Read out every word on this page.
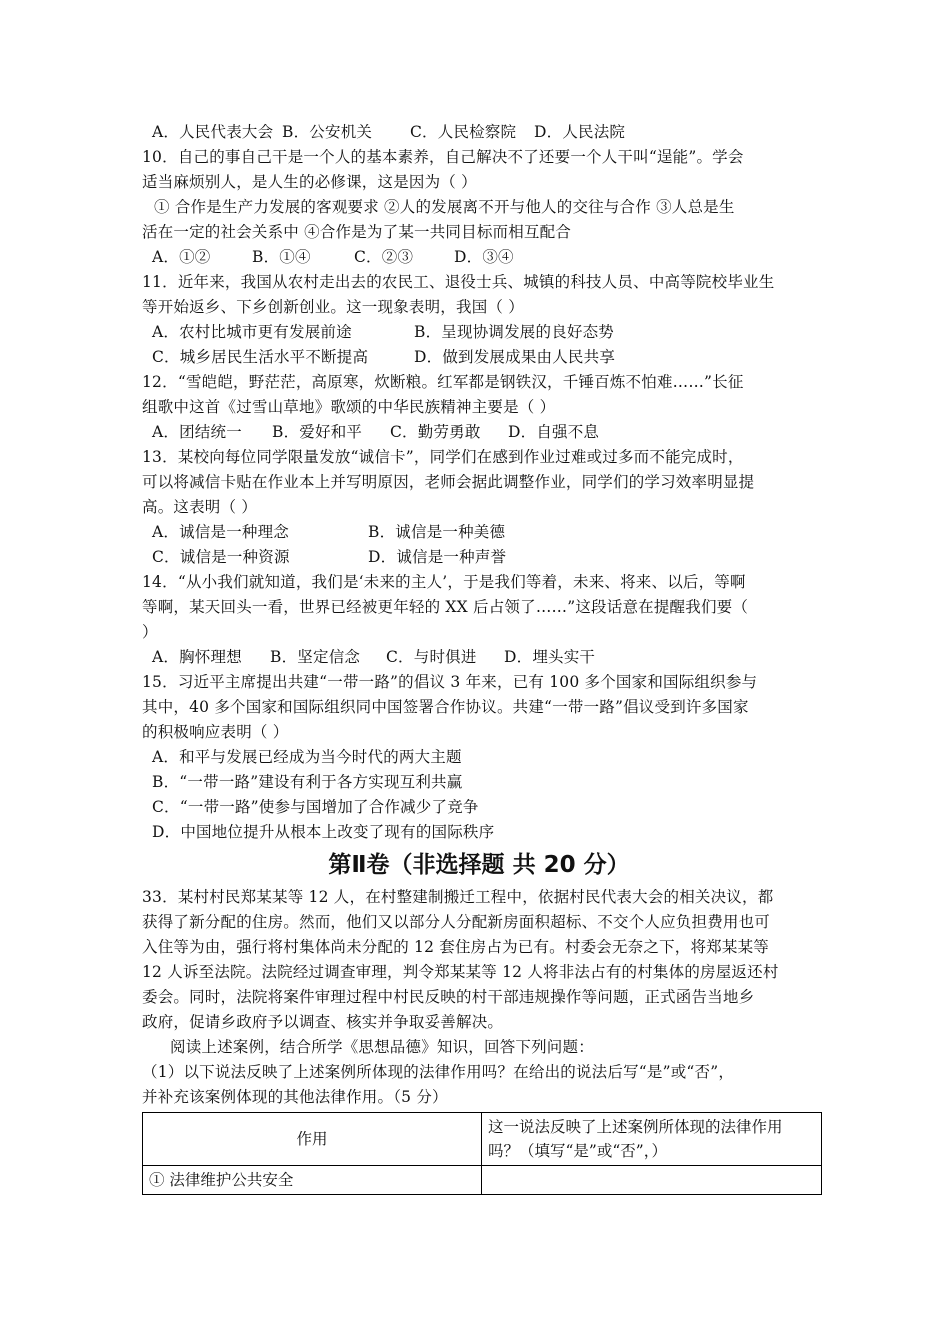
A．人民代表大会 B．公安机关 C．人民检察院 D．人民法院
10．自己的事自己干是一个人的基本素养，自己解决不了还要一个人干叫“逞能”。学会
适当麻烦别人，是人生的必修课，这是因为（ ）
① 合作是生产力发展的客观要求 ②人的发展离不开与他人的交往与合作 ③人总是生
活在一定的社会关系中 ④合作是为了某一共同目标而相互配合
A．①②	B．①④	C．②③	D．③④
11．近年来，我国从农村走出去的农民工、退役士兵、城镇的科技人员、中高等院校毕业生
等开始返乡、下乡创新创业。这一现象表明，我国（ ）
A．农村比城市更有发展前途	B．呈现协调发展的良好态势
C．城乡居民生活水平不断提高	D．做到发展成果由人民共享
12．“雪皑皑，野茫茫，高原寒，炊断粮。红军都是钢铁汉，千锤百炼不怕难……”长征
组歌中这首《过雪山草地》歌颂的中华民族精神主要是（ ）
A．团结统一 B．爱好和平 C．勤劳勇敢 D．自强不息
13．某校向每位同学限量发放“诚信卡”，同学们在感到作业过难或过多而不能完成时，
可以将减信卡贴在作业本上并写明原因，老师会据此调整作业，同学们的学习效率明显提
高。这表明（ ）
A．诚信是一种理念	B．诚信是一种美德
C．诚信是一种资源	D．诚信是一种声誉
14．“从小我们就知道，我们是‘未来的主人’，于是我们等着，未来、将来、以后，等啊
等啊，某天回头一看，世界已经被更年轻的 XX 后占领了……”这段话意在提醒我们要（
）
A．胸怀理想 B．坚定信念 C．与时俱进 D．埋头实干
15．习近平主席提出共建“一带一路”的倡议 3 年来，已有 100 多个国家和国际组织参与
其中，40 多个国家和国际组织同中国签署合作协议。共建“一带一路”倡议受到许多国家
的积极响应表明（ ）
A．和平与发展已经成为当今时代的两大主题
B．“一带一路”建设有利于各方实现互利共赢
C．“一带一路”使参与国增加了合作减少了竞争
D．中国地位提升从根本上改变了现有的国际秩序
第Ⅱ卷（非选择题 共 20 分）
33．某村村民郑某某等 12 人，在村整建制搬迁工程中，依据村民代表大会的相关决议，都
获得了新分配的住房。然而，他们又以部分人分配新房面积超标、不交个人应负担费用也可
入住等为由，强行将村集体尚未分配的 12 套住房占为已有。村委会无奈之下，将郑某某等
12 人诉至法院。法院经过调查审理，判令郑某某等 12 人将非法占有的村集体的房屋返还村
委会。同时，法院将案件审理过程中村民反映的村干部违规操作等问题，正式函告当地乡
政府，促请乡政府予以调查、核实并争取妥善解决。
阅读上述案例，结合所学《思想品德》知识，回答下列问题：
（1）以下说法反映了上述案例所体现的法律作用吗？在给出的说法后写“是”或“否”，
并补充该案例体现的其他法律作用。（5 分）
作用	这一说法反映了上述案例所体现的法律作用
吗？（填写“是”或“否”，）

① 法律维护公共安全	
